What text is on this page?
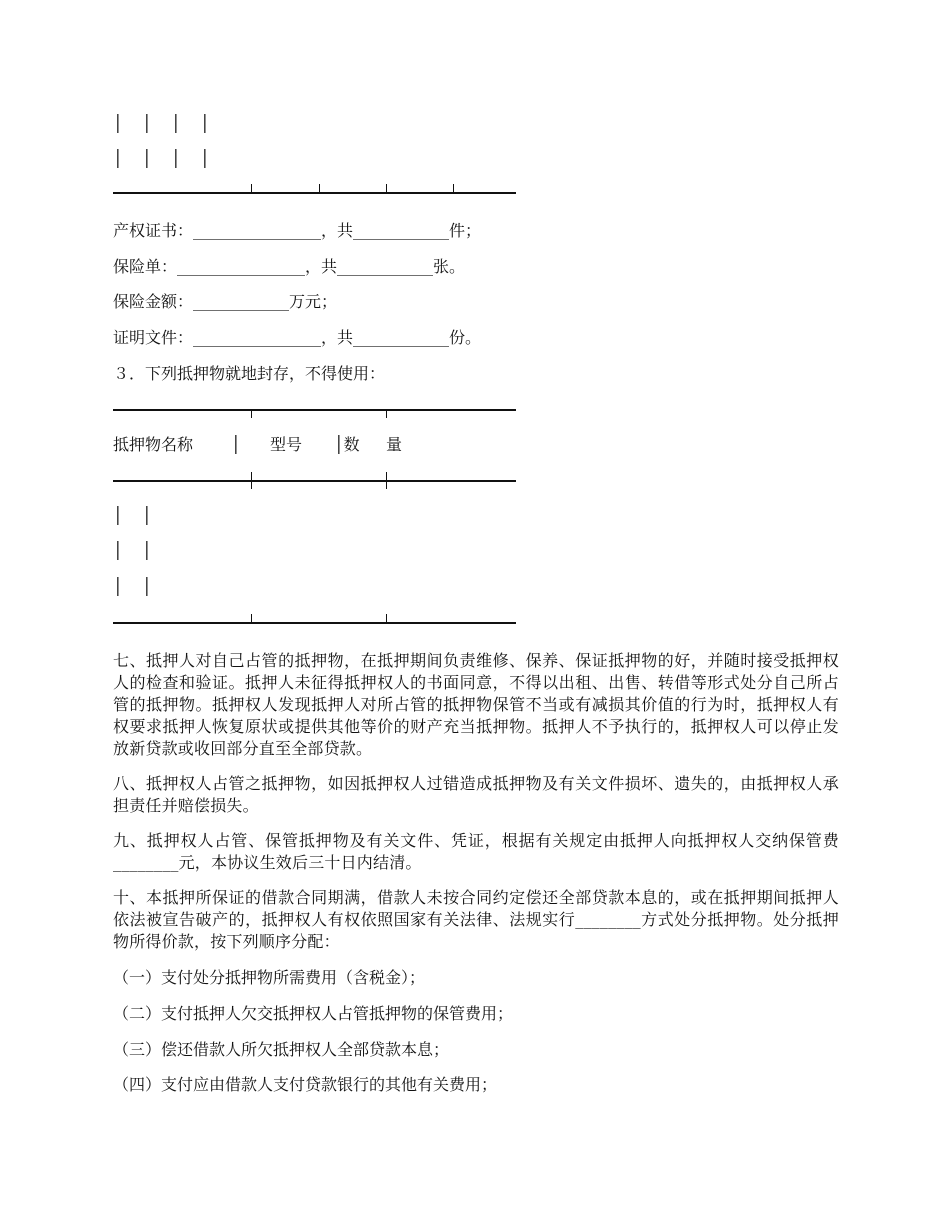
│ │ │ │
│ │ │ │
产权证书：________________，共____________件；
保险单：________________，共____________张。
保险金额：____________万元；
证明文件：________________，共____________份。
３．下列抵押物就地封存，不得使用：
抵押物名称 │ 型号 │数 量
│ │
│ │
│ │
七、抵押人对自己占管的抵押物，在抵押期间负责维修、保养、保证抵押物的好，并随时接受抵押权人的检查和验证。抵押人未征得抵押权人的书面同意，不得以出租、出售、转借等形式处分自己所占管的抵押物。抵押权人发现抵押人对所占管的抵押物保管不当或有减损其价值的行为时，抵押权人有权要求抵押人恢复原状或提供其他等价的财产充当抵押物。抵押人不予执行的，抵押权人可以停止发放新贷款或收回部分直至全部贷款。
八、抵押权人占管之抵押物，如因抵押权人过错造成抵押物及有关文件损坏、遗失的，由抵押权人承担责任并赔偿损失。
九、抵押权人占管、保管抵押物及有关文件、凭证，根据有关规定由抵押人向抵押权人交纳保管费________元，本协议生效后三十日内结清。
十、本抵押所保证的借款合同期满，借款人未按合同约定偿还全部贷款本息的，或在抵押期间抵押人依法被宣告破产的，抵押权人有权依照国家有关法律、法规实行________方式处分抵押物。处分抵押物所得价款，按下列顺序分配：
（一）支付处分抵押物所需费用（含税金）；
（二）支付抵押人欠交抵押权人占管抵押物的保管费用；
（三）偿还借款人所欠抵押权人全部贷款本息；
（四）支付应由借款人支付贷款银行的其他有关费用；
